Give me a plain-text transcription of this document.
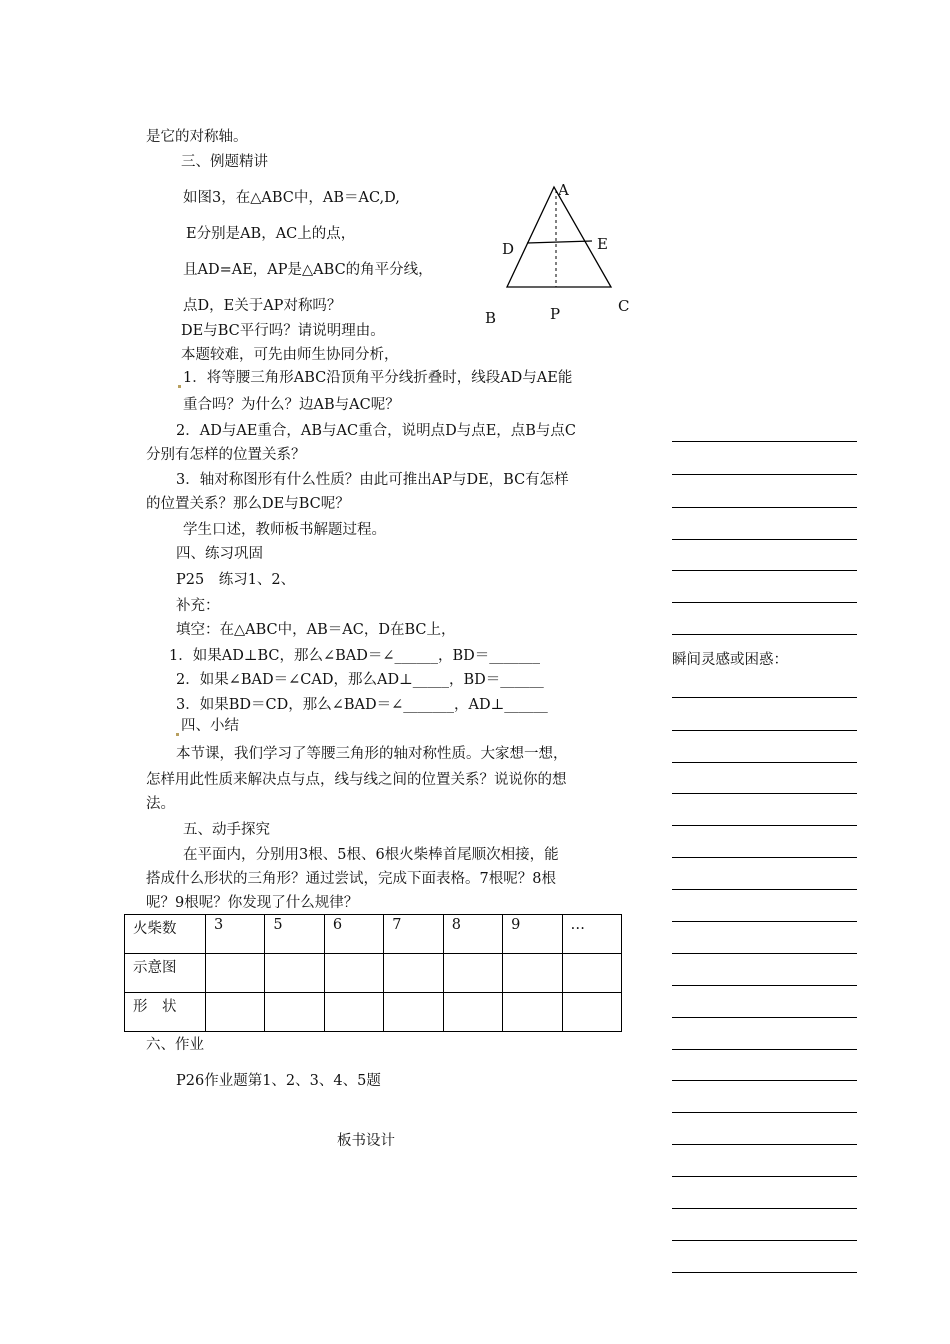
是它的对称轴。
三、例题精讲
如图3，在△ABC中，AB＝AC,D,
E分别是AB，AC上的点，
且AD=AE，AP是△ABC的角平分线，
点D，E关于AP对称吗？
DE与BC平行吗？请说明理由。
本题较难，可先由师生协同分析，
1．将等腰三角形ABC沿顶角平分线折叠时，线段AD与AE能
重合吗？为什么？边AB与AC呢？
2．AD与AE重合，AB与AC重合，说明点D与点E，点B与点C
分别有怎样的位置关系？
3．轴对称图形有什么性质？由此可推出AP与DE，BC有怎样
的位置关系？那么DE与BC呢？
学生口述，教师板书解题过程。
四、练习巩固
P25　练习1、2、
补充：
填空：在△ABC中，AB＝AC，D在BC上，
1．如果AD⊥BC，那么∠BAD＝∠______，BD＝_______
2．如果∠BAD＝∠CAD，那么AD⊥_____，BD＝______
3．如果BD＝CD，那么∠BAD＝∠_______，AD⊥______
四、小结
本节课，我们学习了等腰三角形的轴对称性质。大家想一想，
怎样用此性质来解决点与点，线与线之间的位置关系？说说你的想
法。
五、动手探究
在平面内，分别用3根、5根、6根火柴棒首尾顺次相接，能
搭成什么形状的三角形？通过尝试，完成下面表格。7根呢？8根
呢？9根呢？你发现了什么规律？
六、作业
P26作业题第1、2、3、4、5题
板书设计
A
D	E
B	P	C
火柴数	3	5	6	7	8	9	…
示意图							
形　状							
瞬间灵感或困惑：
